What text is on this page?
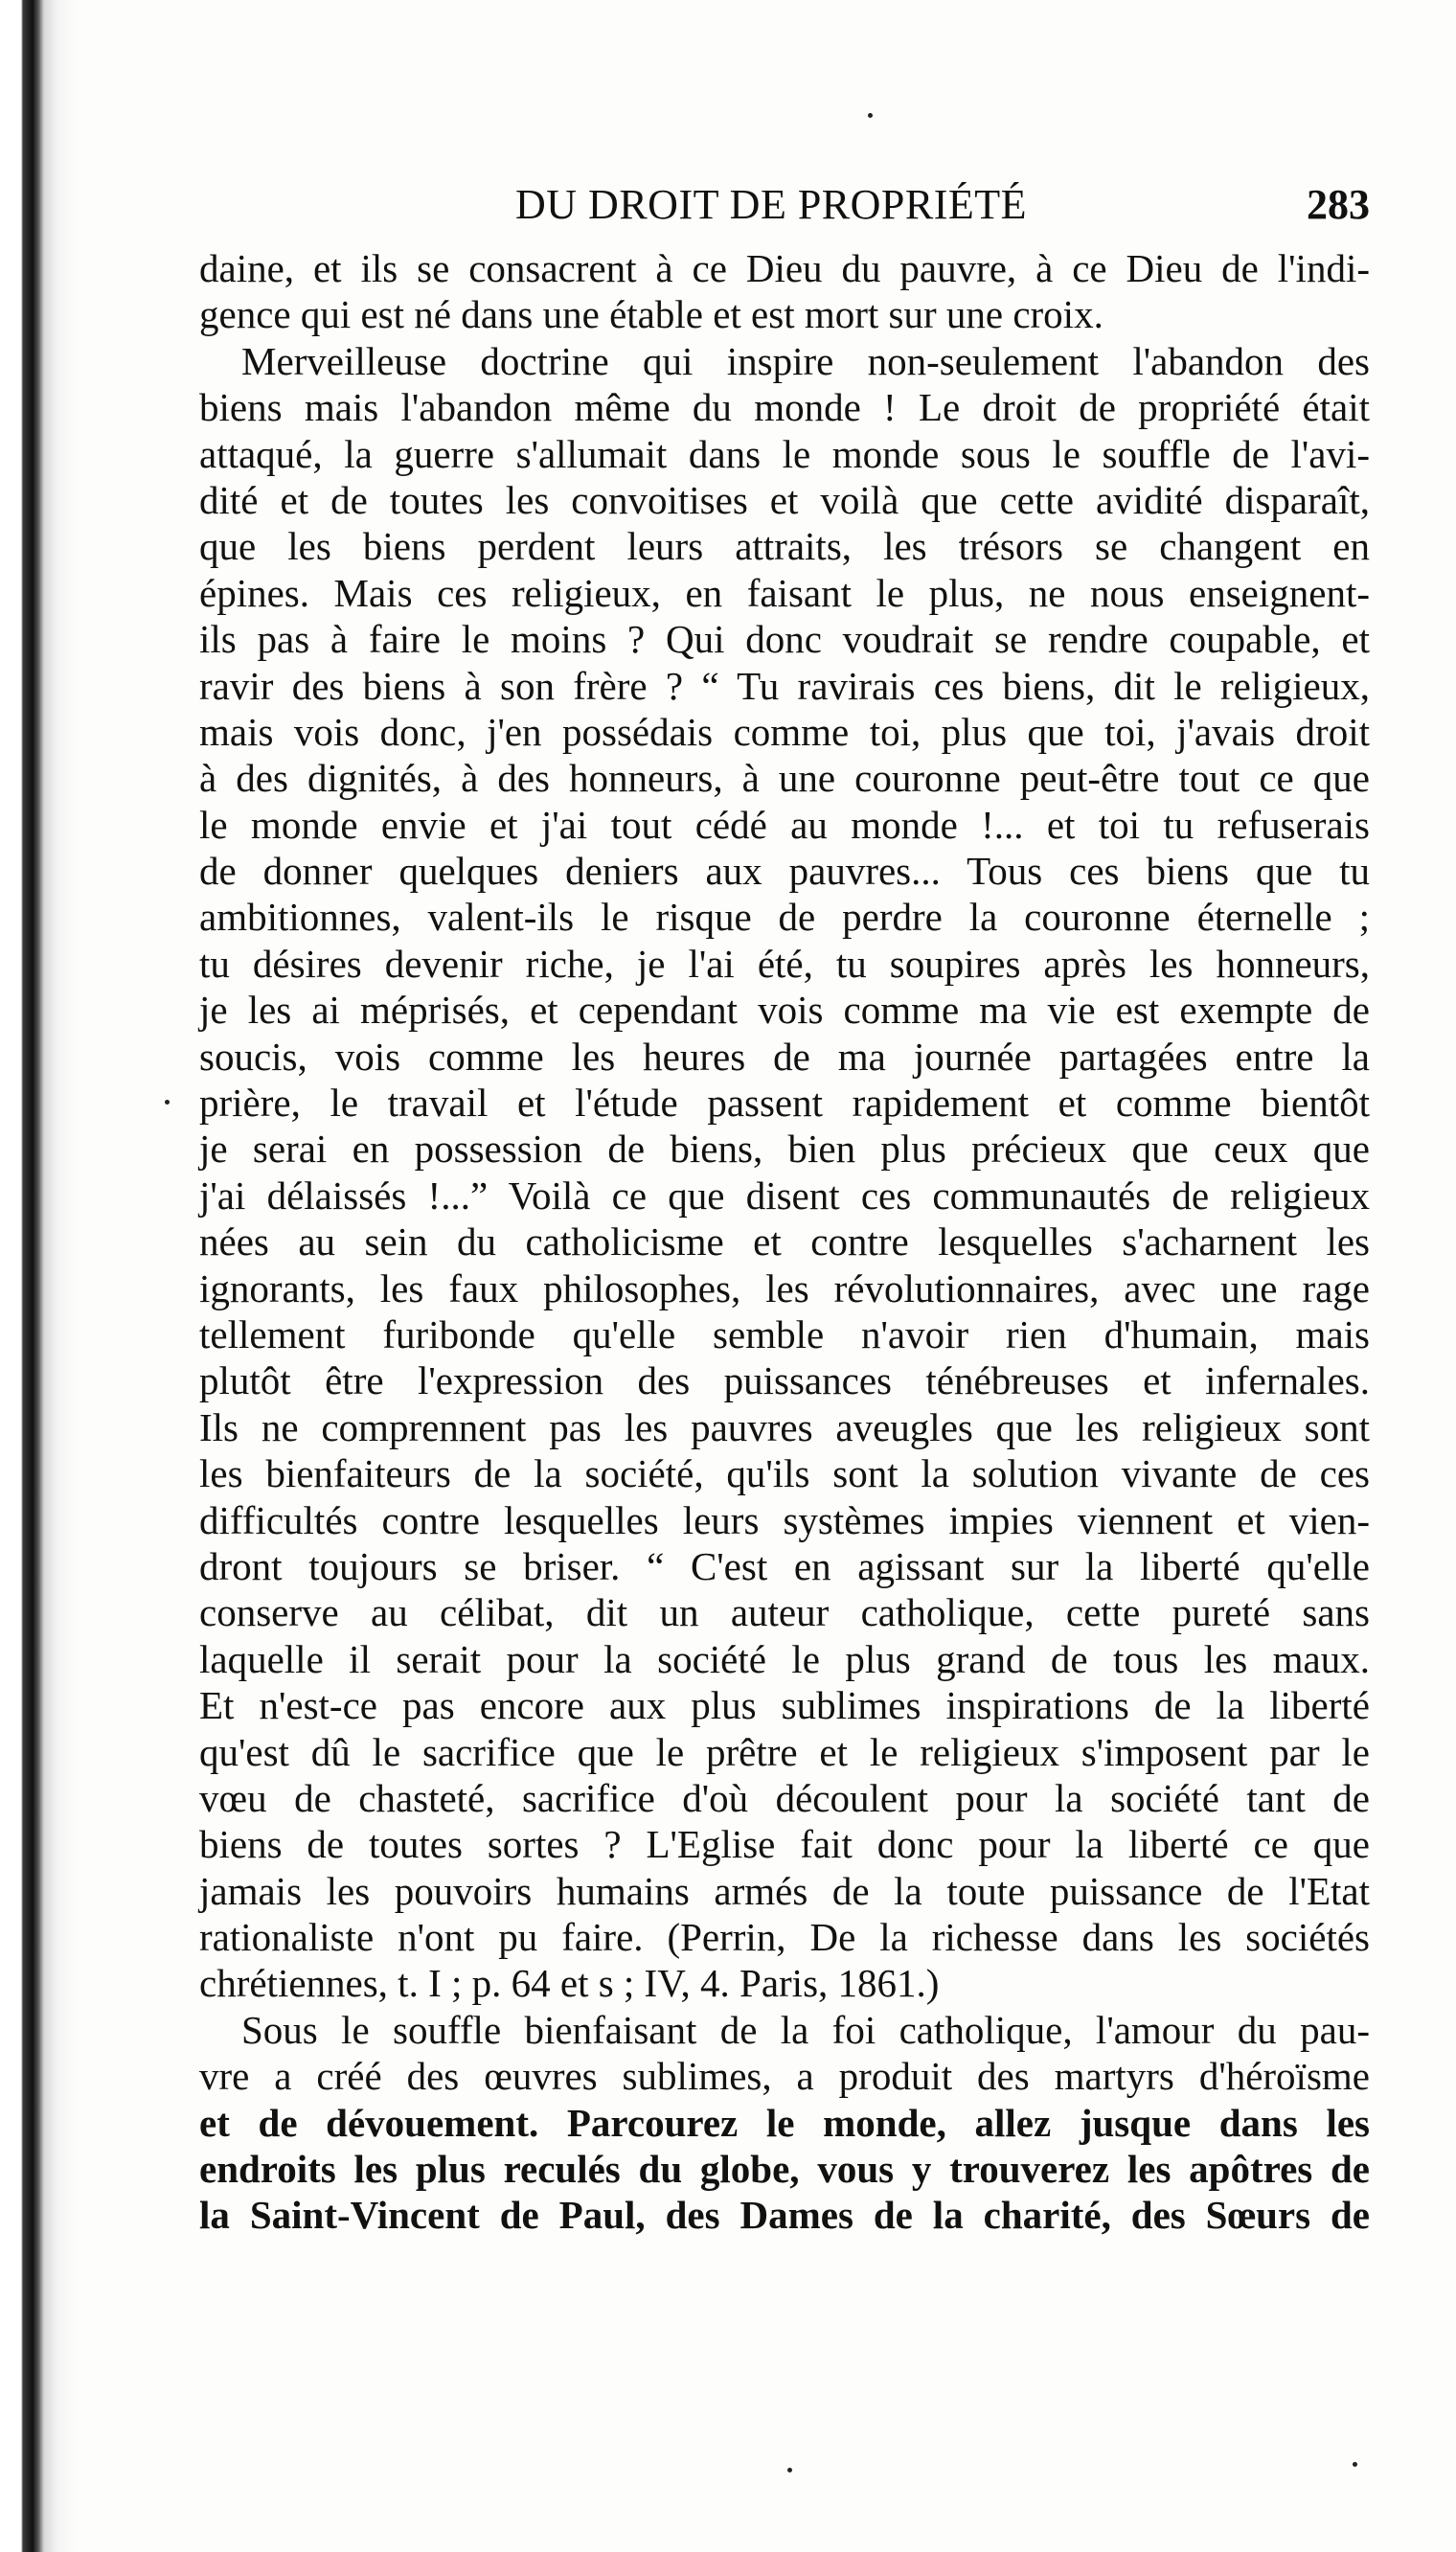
DU DROIT DE PROPRIÉTÉ	283
daine, et ils se consacrent à ce Dieu du pauvre, à ce Dieu de l'indi-
gence qui est né dans une étable et est mort sur une croix.
Merveilleuse doctrine qui inspire non-seulement l'abandon des
biens mais l'abandon même du monde ! Le droit de propriété était
attaqué, la guerre s'allumait dans le monde sous le souffle de l'avi-
dité et de toutes les convoitises et voilà que cette avidité disparaît,
que les biens perdent leurs attraits, les trésors se changent en
épines. Mais ces religieux, en faisant le plus, ne nous enseignent-
ils pas à faire le moins ? Qui donc voudrait se rendre coupable, et
ravir des biens à son frère ? “ Tu ravirais ces biens, dit le religieux,
mais vois donc, j'en possédais comme toi, plus que toi, j'avais droit
à des dignités, à des honneurs, à une couronne peut-être tout ce que
le monde envie et j'ai tout cédé au monde !... et toi tu refuserais
de donner quelques deniers aux pauvres... Tous ces biens que tu
ambitionnes, valent-ils le risque de perdre la couronne éternelle ;
tu désires devenir riche, je l'ai été, tu soupires après les honneurs,
je les ai méprisés, et cependant vois comme ma vie est exempte de
soucis, vois comme les heures de ma journée partagées entre la
prière, le travail et l'étude passent rapidement et comme bientôt
je serai en possession de biens, bien plus précieux que ceux que
j'ai délaissés !...” Voilà ce que disent ces communautés de religieux
nées au sein du catholicisme et contre lesquelles s'acharnent les
ignorants, les faux philosophes, les révolutionnaires, avec une rage
tellement furibonde qu'elle semble n'avoir rien d'humain, mais
plutôt être l'expression des puissances ténébreuses et infernales.
Ils ne comprennent pas les pauvres aveugles que les religieux sont
les bienfaiteurs de la société, qu'ils sont la solution vivante de ces
difficultés contre lesquelles leurs systèmes impies viennent et vien-
dront toujours se briser. “ C'est en agissant sur la liberté qu'elle
conserve au célibat, dit un auteur catholique, cette pureté sans
laquelle il serait pour la société le plus grand de tous les maux.
Et n'est-ce pas encore aux plus sublimes inspirations de la liberté
qu'est dû le sacrifice que le prêtre et le religieux s'imposent par le
vœu de chasteté, sacrifice d'où découlent pour la société tant de
biens de toutes sortes ? L'Eglise fait donc pour la liberté ce que
jamais les pouvoirs humains armés de la toute puissance de l'Etat
rationaliste n'ont pu faire. (Perrin, De la richesse dans les sociétés
chrétiennes, t. I ; p. 64 et s ; IV, 4. Paris, 1861.)
Sous le souffle bienfaisant de la foi catholique, l'amour du pau-
vre a créé des œuvres sublimes, a produit des martyrs d'héroïsme
et de dévouement. Parcourez le monde, allez jusque dans les
endroits les plus reculés du globe, vous y trouverez les apôtres de
la Saint-Vincent de Paul, des Dames de la charité, des Sœurs de
